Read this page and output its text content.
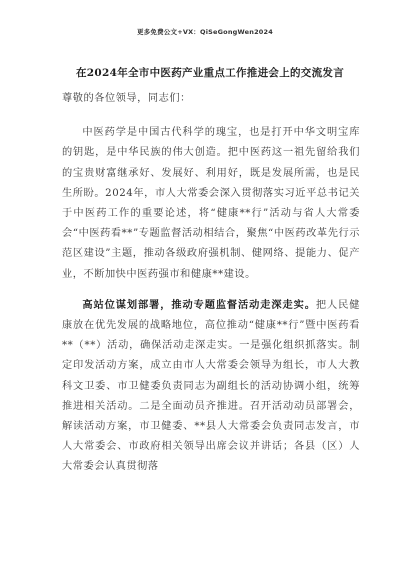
更多免费公文+VX：QiSeGongWen2024
在2024年全市中医药产业重点工作推进会上的交流发言

尊敬的各位领导，同志们：

中医药学是中国古代科学的瑰宝，也是打开中华文明宝库的钥匙，是中华民族的伟大创造。把中医药这一祖先留给我们的宝贵财富继承好、发展好、利用好，既是发展所需，也是民生所盼。2024年，市人大常委会深入贯彻落实习近平总书记关于中医药工作的重要论述，将“健康**行”活动与省人大常委会“中医药看**”专题监督活动相结合，聚焦“中医药改革先行示范区建设”主题，推动各级政府强机制、健网络、提能力、促产业，不断加快中医药强市和健康**建设。

高站位谋划部署，推动专题监督活动走深走实。把人民健康放在优先发展的战略地位，高位推动“健康**行”暨中医药看**（**）活动，确保活动走深走实。一是强化组织抓落实。制定印发活动方案，成立由市人大常委会领导为组长，市人大教科文卫委、市卫健委负责同志为副组长的活动协调小组，统筹推进相关活动。二是全面动员齐推进。召开活动动员部署会，解读活动方案，市卫健委、**县人大常委会负责同志发言，市人大常委会、市政府相关领导出席会议并讲话；各县（区）人大常委会认真贯彻落
